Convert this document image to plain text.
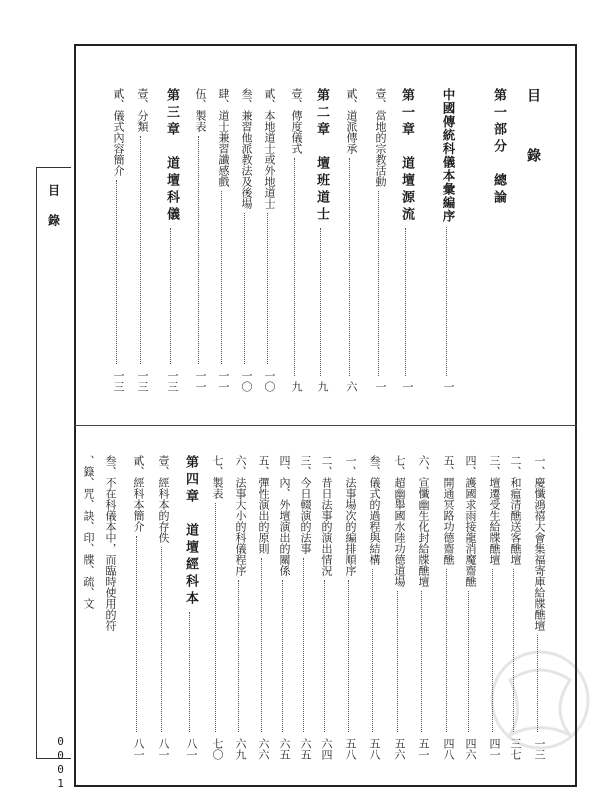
目錄
0001
目　　錄
第一部分　總論
中國傳統科儀本彙編序
一
第一章　道壇源流
一
壹、當地的宗教活動
一
貳、道派傳承
六
第二章　壇班道士
九
壹、傳度儀式
九
貳、本地道士或外地道士
一〇
叁、兼習他派教法及後場
一〇
肆、道士兼習讖感戲
一一
伍、製表
一一
第三章　道壇科儀
一三
壹、分類
一三
貳、儀式內容簡介
一三
一、慶懺鴻禧大會集福寄庫給牒醮壇
一三
二、和瘟清醮送客醮壇
三七
三、壇遷受生給牒醮壇
四一
四、護國求雨接龍消魔齋醮
四六
五、開通冥路功德齋醮
四八
六、宣懺幽生化封給牒醮壇
五一
七、超幽舉國水陸功德道場
五六
叁、儀式的過程與結構
五八
一、法事場次的編排順序
五八
二、昔日法事的演出情況
六四
三、今日輟演的法事
六五
四、內、外壇演出的關係
六五
五、彈性演出的原則
六六
六、法事大小的科儀程序
六九
七、製表
七〇
第四章　道壇經科本
八一
壹、經科本的存佚
八一
貳、經科本簡介
八一
叁、不在科儀本中，而臨時使用的符
、籙、咒、訣、印、牒、疏、文
